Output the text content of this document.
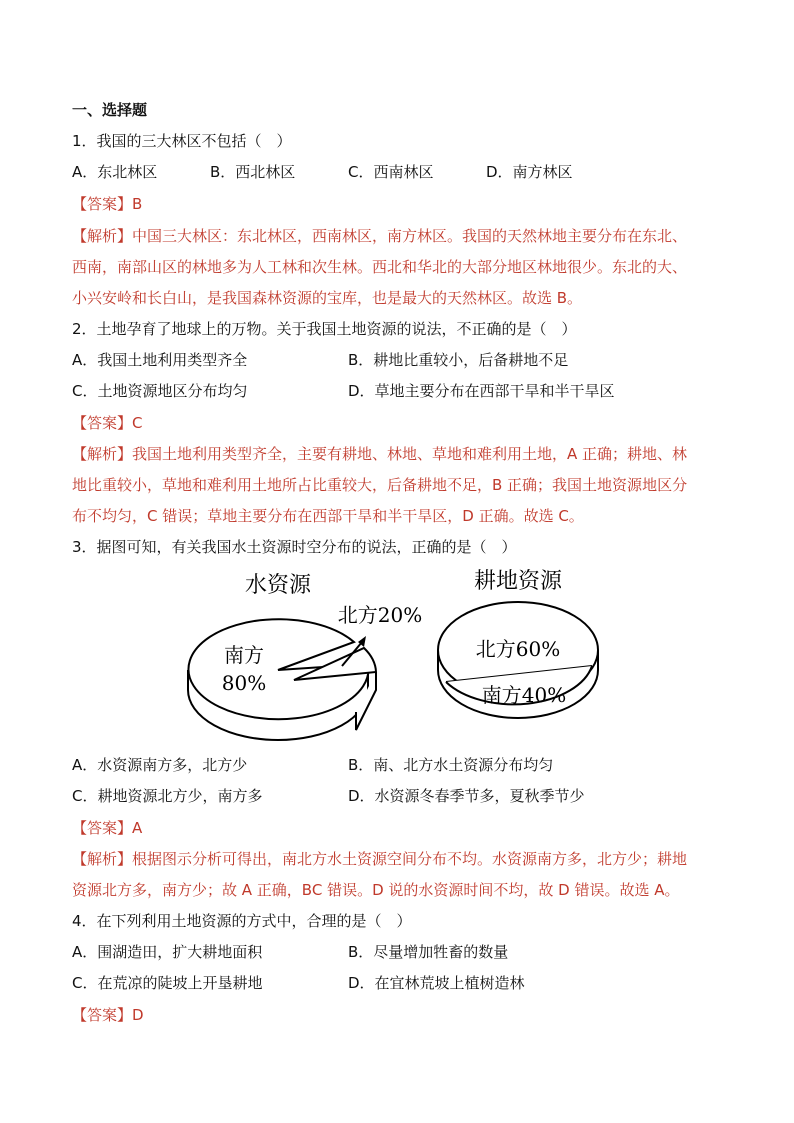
一、选择题
1．我国的三大林区不包括（　）
A．东北林区	B．西北林区	C．西南林区	D．南方林区
【答案】B
【解析】中国三大林区：东北林区，西南林区，南方林区。我国的天然林地主要分布在东北、
西南，南部山区的林地多为人工林和次生林。西北和华北的大部分地区林地很少。东北的大、
小兴安岭和长白山，是我国森林资源的宝库，也是最大的天然林区。故选 B。
2．土地孕育了地球上的万物。关于我国土地资源的说法，不正确的是（　）
A．我国土地利用类型齐全	B．耕地比重较小，后备耕地不足
C．土地资源地区分布均匀	D．草地主要分布在西部干旱和半干旱区
【答案】C
【解析】我国土地利用类型齐全，主要有耕地、林地、草地和难利用土地，A 正确；耕地、林
地比重较小，草地和难利用土地所占比重较大，后备耕地不足，B 正确；我国土地资源地区分
布不均匀，C 错误；草地主要分布在西部干旱和半干旱区，D 正确。故选 C。
3．据图可知，有关我国水土资源时空分布的说法，正确的是（　）
水资源
北方20%
南方
80%
耕地资源
北方60%
南方40%
A．水资源南方多，北方少	B．南、北方水土资源分布均匀
C．耕地资源北方少，南方多	D．水资源冬春季节多，夏秋季节少
【答案】A
【解析】根据图示分析可得出，南北方水土资源空间分布不均。水资源南方多，北方少；耕地
资源北方多，南方少；故 A 正确，BC 错误。D 说的水资源时间不均，故 D 错误。故选 A。
4．在下列利用土地资源的方式中，合理的是（　）
A．围湖造田，扩大耕地面积	B．尽量增加牲畜的数量
C．在荒凉的陡坡上开垦耕地	D．在宜林荒坡上植树造林
【答案】D
